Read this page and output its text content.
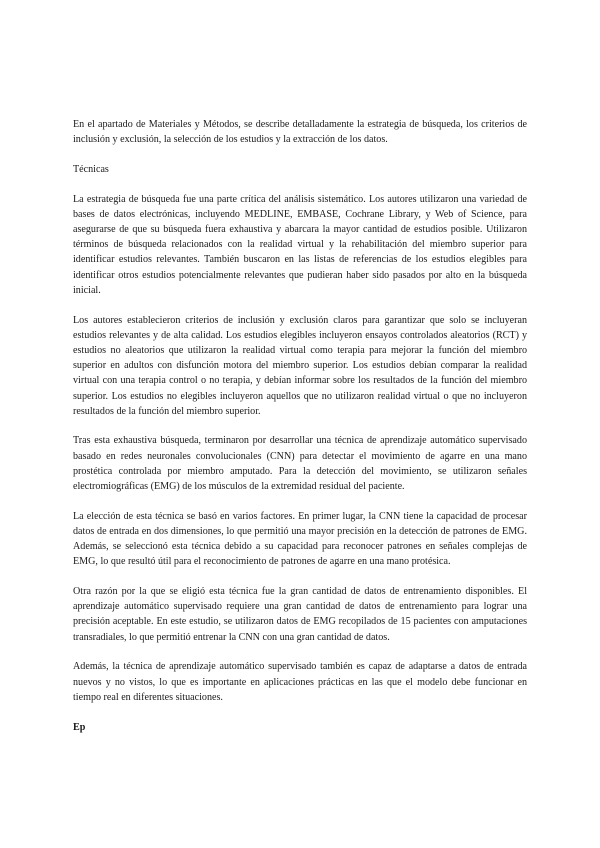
En el apartado de Materiales y Métodos, se describe detalladamente la estrategia de búsqueda, los criterios de inclusión y exclusión, la selección de los estudios y la extracción de los datos.

Técnicas

La estrategia de búsqueda fue una parte crítica del análisis sistemático. Los autores utilizaron una variedad de bases de datos electrónicas, incluyendo MEDLINE, EMBASE, Cochrane Library, y Web of Science, para asegurarse de que su búsqueda fuera exhaustiva y abarcara la mayor cantidad de estudios posible. Utilizaron términos de búsqueda relacionados con la realidad virtual y la rehabilitación del miembro superior para identificar estudios relevantes. También buscaron en las listas de referencias de los estudios elegibles para identificar otros estudios potencialmente relevantes que pudieran haber sido pasados por alto en la búsqueda inicial.

Los autores establecieron criterios de inclusión y exclusión claros para garantizar que solo se incluyeran estudios relevantes y de alta calidad. Los estudios elegibles incluyeron ensayos controlados aleatorios (RCT) y estudios no aleatorios que utilizaron la realidad virtual como terapia para mejorar la función del miembro superior en adultos con disfunción motora del miembro superior. Los estudios debían comparar la realidad virtual con una terapia control o no terapia, y debían informar sobre los resultados de la función del miembro superior. Los estudios no elegibles incluyeron aquellos que no utilizaron realidad virtual o que no incluyeron resultados de la función del miembro superior.

Tras esta exhaustiva búsqueda, terminaron por desarrollar una técnica de aprendizaje automático supervisado basado en redes neuronales convolucionales (CNN) para detectar el movimiento de agarre en una mano prostética controlada por miembro amputado. Para la detección del movimiento, se utilizaron señales electromiográficas (EMG) de los músculos de la extremidad residual del paciente.

La elección de esta técnica se basó en varios factores. En primer lugar, la CNN tiene la capacidad de procesar datos de entrada en dos dimensiones, lo que permitió una mayor precisión en la detección de patrones de EMG. Además, se seleccionó esta técnica debido a su capacidad para reconocer patrones en señales complejas de EMG, lo que resultó útil para el reconocimiento de patrones de agarre en una mano protésica.

Otra razón por la que se eligió esta técnica fue la gran cantidad de datos de entrenamiento disponibles. El aprendizaje automático supervisado requiere una gran cantidad de datos de entrenamiento para lograr una precisión aceptable. En este estudio, se utilizaron datos de EMG recopilados de 15 pacientes con amputaciones transradiales, lo que permitió entrenar la CNN con una gran cantidad de datos.

Además, la técnica de aprendizaje automático supervisado también es capaz de adaptarse a datos de entrada nuevos y no vistos, lo que es importante en aplicaciones prácticas en las que el modelo debe funcionar en tiempo real en diferentes situaciones.

Ep
